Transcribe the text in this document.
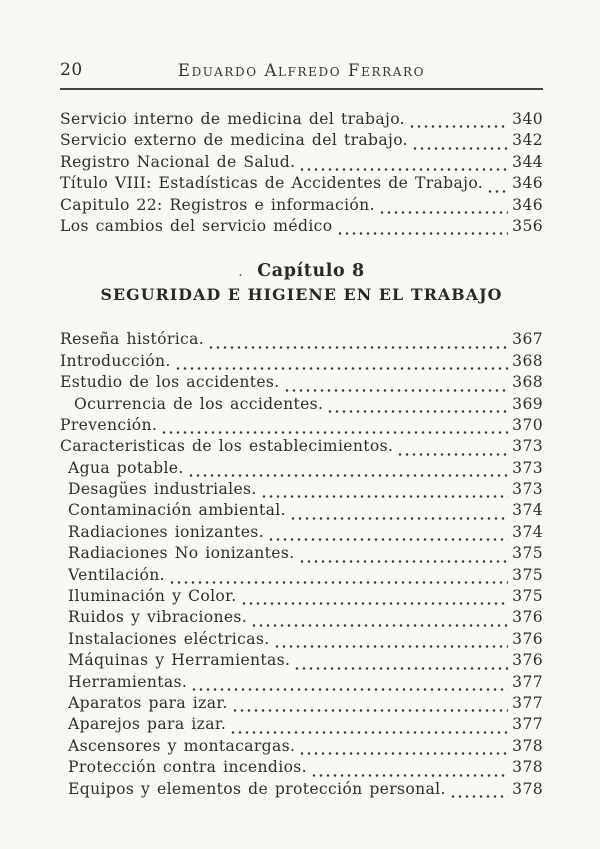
20	Eduardo Alfredo Ferraro
Servicio interno de medicina del trabajo.	340
Servicio externo de medicina del trabajo.	342
Registro Nacional de Salud.	344
Título VIII: Estadísticas de Accidentes de Trabajo. 346
Capitulo 22: Registros e información.	346
Los cambios del servicio médico	356
. Capítulo 8
SEGURIDAD E HIGIENE EN EL TRABAJO
Reseña histórica.	367
Introducción.	368
Estudio de los accidentes.	368
Ocurrencia de los accidentes.	369
Prevención.	370
Caracteristicas de los establecimientos.	373
Agua potable.	373
Desagües industriales.	373
Contaminación ambiental.	374
Radiaciones ionizantes.	374
Radiaciones No ionizantes.	375
Ventilación.	375
Iluminación y Color.	375
Ruidos y vibraciones.	376
Instalaciones eléctricas.	376
Máquinas y Herramientas.	376
Herramientas.	377
Aparatos para izar.	377
Aparejos para izar.	377
Ascensores y montacargas.	378
Protección contra incendios.	378
Equipos y elementos de protección personal.	378
